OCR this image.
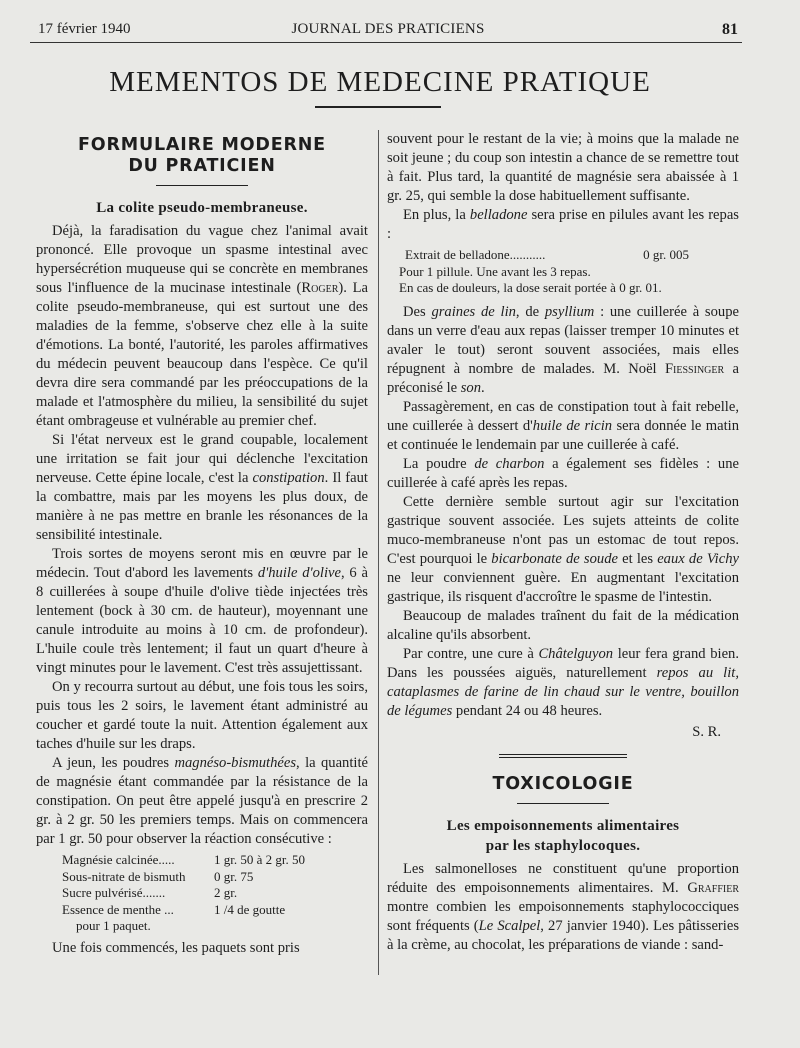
17 février 1940	JOURNAL DES PRATICIENS	81
MEMENTOS DE MEDECINE PRATIQUE
FORMULAIRE MODERNE
DU PRATICIEN
La colite pseudo-membraneuse.

Déjà, la faradisation du vague chez l'animal avait prononcé. Elle provoque un spasme intestinal avec hypersécrétion muqueuse qui se concrète en membranes sous l'influence de la mucinase intestinale (Roger). La colite pseudo-membraneuse, qui est surtout une des maladies de la femme, s'observe chez elle à la suite d'émotions. La bonté, l'autorité, les paroles affirmatives du médecin peuvent beaucoup dans l'espèce. Ce qu'il devra dire sera commandé par les préoccupations de la malade et l'atmosphère du milieu, la sensibilité du sujet étant ombrageuse et vulnérable au premier chef.

Si l'état nerveux est le grand coupable, localement une irritation se fait jour qui déclenche l'excitation nerveuse. Cette épine locale, c'est la constipation. Il faut la combattre, mais par les moyens les plus doux, de manière à ne pas mettre en branle les résonances de la sensibilité intestinale.

Trois sortes de moyens seront mis en œuvre par le médecin. Tout d'abord les lavements d'huile d'olive, 6 à 8 cuillerées à soupe d'huile d'olive tiède injectées très lentement (bock à 30 cm. de hauteur), moyennant une canule introduite au moins à 10 cm. de profondeur). L'huile coule très lentement; il faut un quart d'heure à vingt minutes pour le lavement. C'est très assujettissant.

On y recourra surtout au début, une fois tous les soirs, puis tous les 2 soirs, le lavement étant administré au coucher et gardé toute la nuit. Attention également aux taches d'huile sur les draps.

A jeun, les poudres magnéso-bismuthées, la quantité de magnésie étant commandée par la résistance de la constipation. On peut être appelé jusqu'à en prescrire 2 gr. à 2 gr. 50 les premiers temps. Mais on commencera par 1 gr. 50 pour observer la réaction consécutive :

Magnésie calcinée.....	1 gr. 50 à 2 gr. 50
Sous-nitrate de bismuth	0 gr. 75
Sucre pulvérisé.......	2 gr.
Essence de menthe ...	1 /4 de goutte
pour 1 paquet.

Une fois commencés, les paquets sont pris

souvent pour le restant de la vie; à moins que la malade ne soit jeune ; du coup son intestin a chance de se remettre tout à fait. Plus tard, la quantité de magnésie sera abaissée à 1 gr. 25, qui semble la dose habituellement suffisante.

En plus, la belladone sera prise en pilules avant les repas :

Extrait de belladone...........	0 gr. 005
Pour 1 pillule. Une avant les 3 repas.
En cas de douleurs, la dose serait portée à 0 gr. 01.

Des graines de lin, de psyllium : une cuillerée à soupe dans un verre d'eau aux repas (laisser tremper 10 minutes et avaler le tout) seront souvent associées, mais elles répugnent à nombre de malades. M. Noël Fiessinger a préconisé le son.

Passagèrement, en cas de constipation tout à fait rebelle, une cuillerée à dessert d'huile de ricin sera donnée le matin et continuée le lendemain par une cuillerée à café.

La poudre de charbon a également ses fidèles : une cuillerée à café après les repas.

Cette dernière semble surtout agir sur l'excitation gastrique souvent associée. Les sujets atteints de colite muco-membraneuse n'ont pas un estomac de tout repos. C'est pourquoi le bicarbonate de soude et les eaux de Vichy ne leur conviennent guère. En augmentant l'excitation gastrique, ils risquent d'accroître le spasme de l'intestin.

Beaucoup de malades traînent du fait de la médication alcaline qu'ils absorbent.

Par contre, une cure à Châtelguyon leur fera grand bien. Dans les poussées aiguës, naturellement repos au lit, cataplasmes de farine de lin chaud sur le ventre, bouillon de légumes pendant 24 ou 48 heures.

S. R.
TOXICOLOGIE
Les empoisonnements alimentaires
par les staphylocoques.

Les salmonelloses ne constituent qu'une proportion réduite des empoisonnements alimentaires. M. Graffier montre combien les empoisonnements staphylococciques sont fréquents (Le Scalpel, 27 janvier 1940). Les pâtisseries à la crème, au chocolat, les préparations de viande : sand-
